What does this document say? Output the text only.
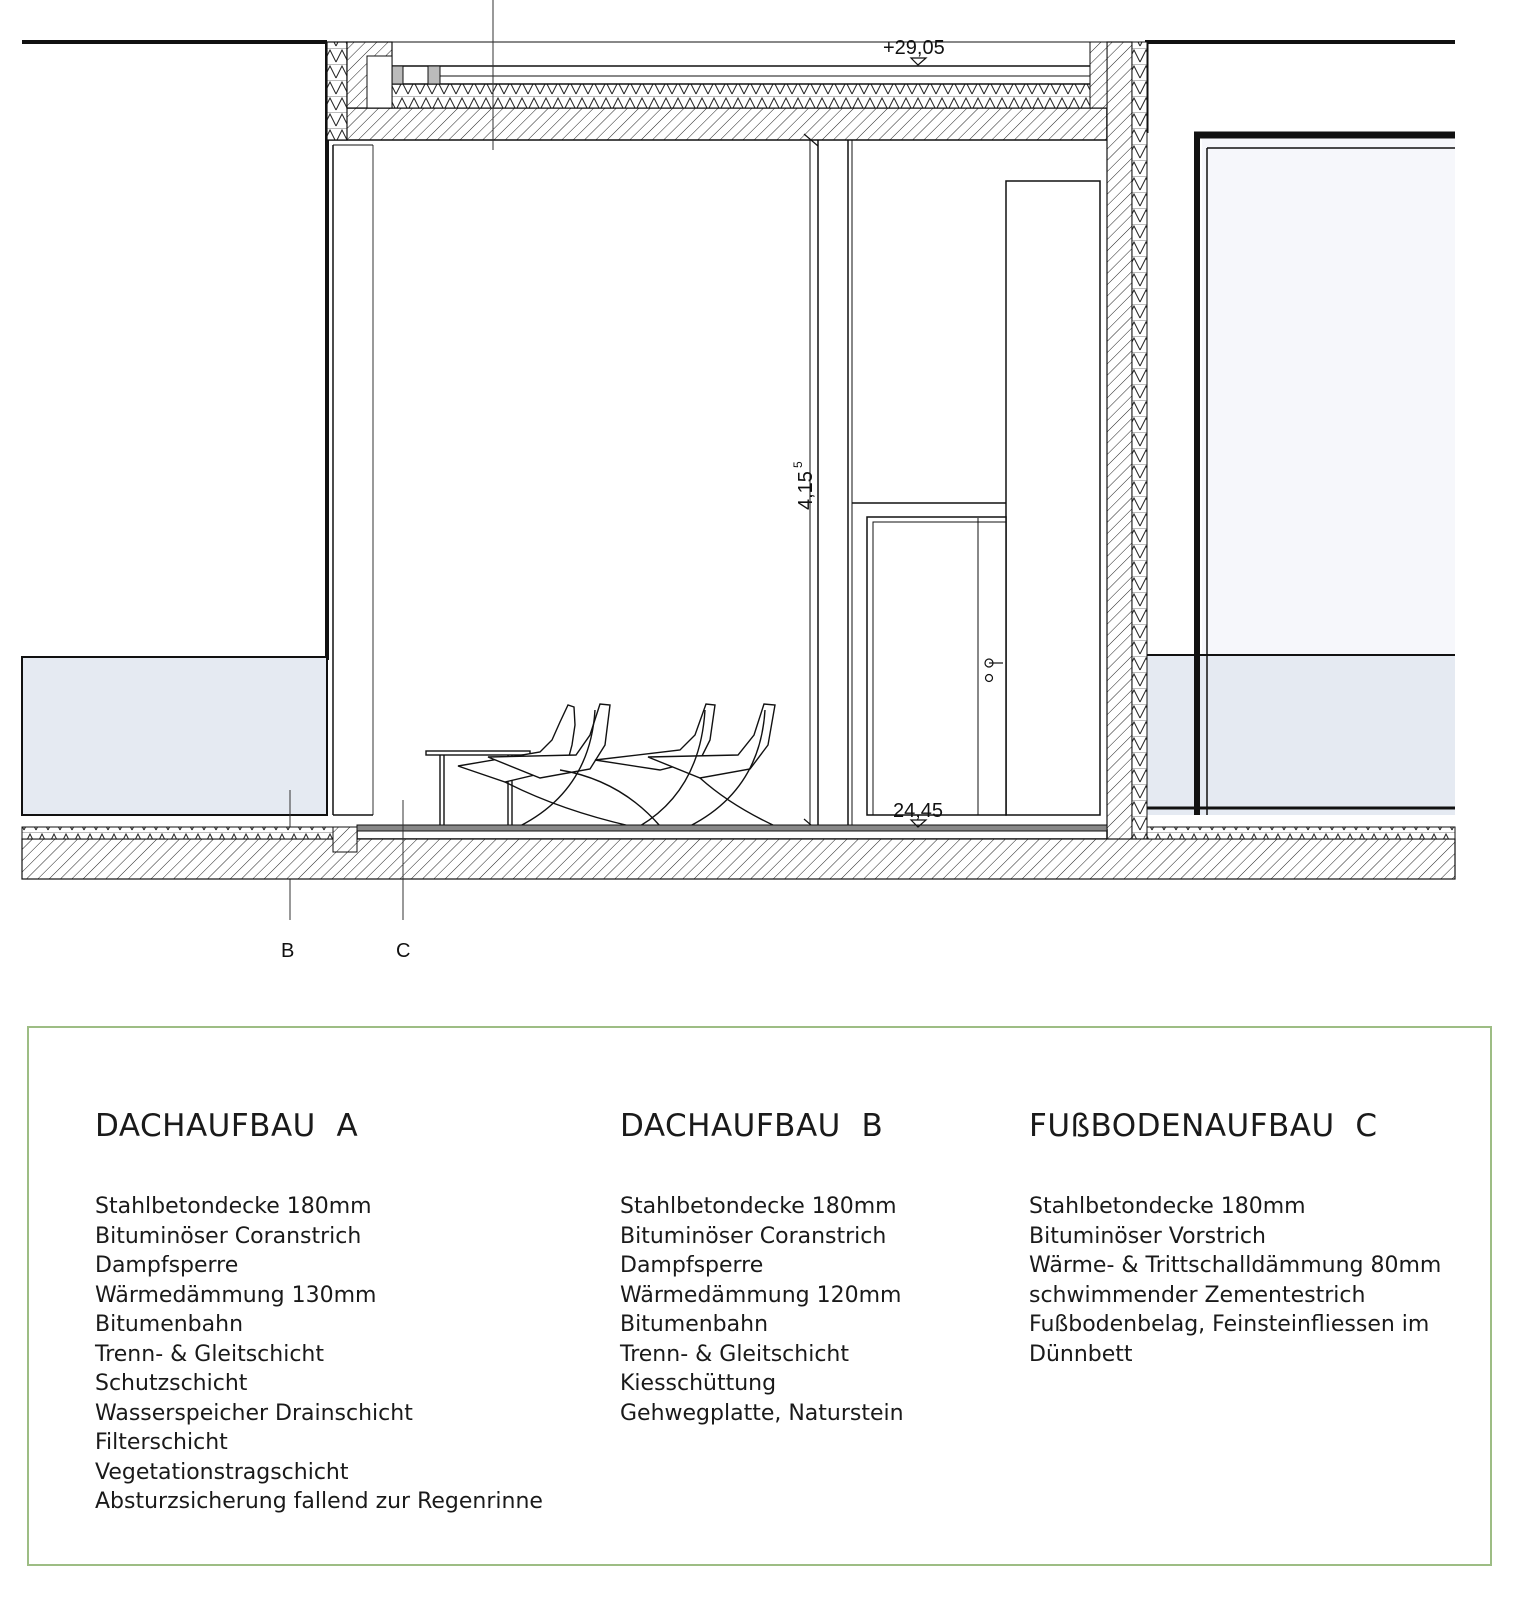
+29,05
4,15
5
24,45
B	C
DACHAUFBAU  A
Stahlbetondecke 180mm
Bituminöser Coranstrich
Dampfsperre
Wärmedämmung 130mm
Bitumenbahn
Trenn- & Gleitschicht
Schutzschicht
Wasserspeicher Drainschicht
Filterschicht
Vegetationstragschicht
Absturzsicherung fallend zur Regenrinne
DACHAUFBAU  B
Stahlbetondecke 180mm
Bituminöser Coranstrich
Dampfsperre
Wärmedämmung 120mm
Bitumenbahn
Trenn- & Gleitschicht
Kiesschüttung
Gehwegplatte, Naturstein
FUßBODENAUFBAU  C
Stahlbetondecke 180mm
Bituminöser Vorstrich
Wärme- & Trittschalldämmung 80mm
schwimmender Zementestrich
Fußbodenbelag, Feinsteinfliessen im Dünnbett
